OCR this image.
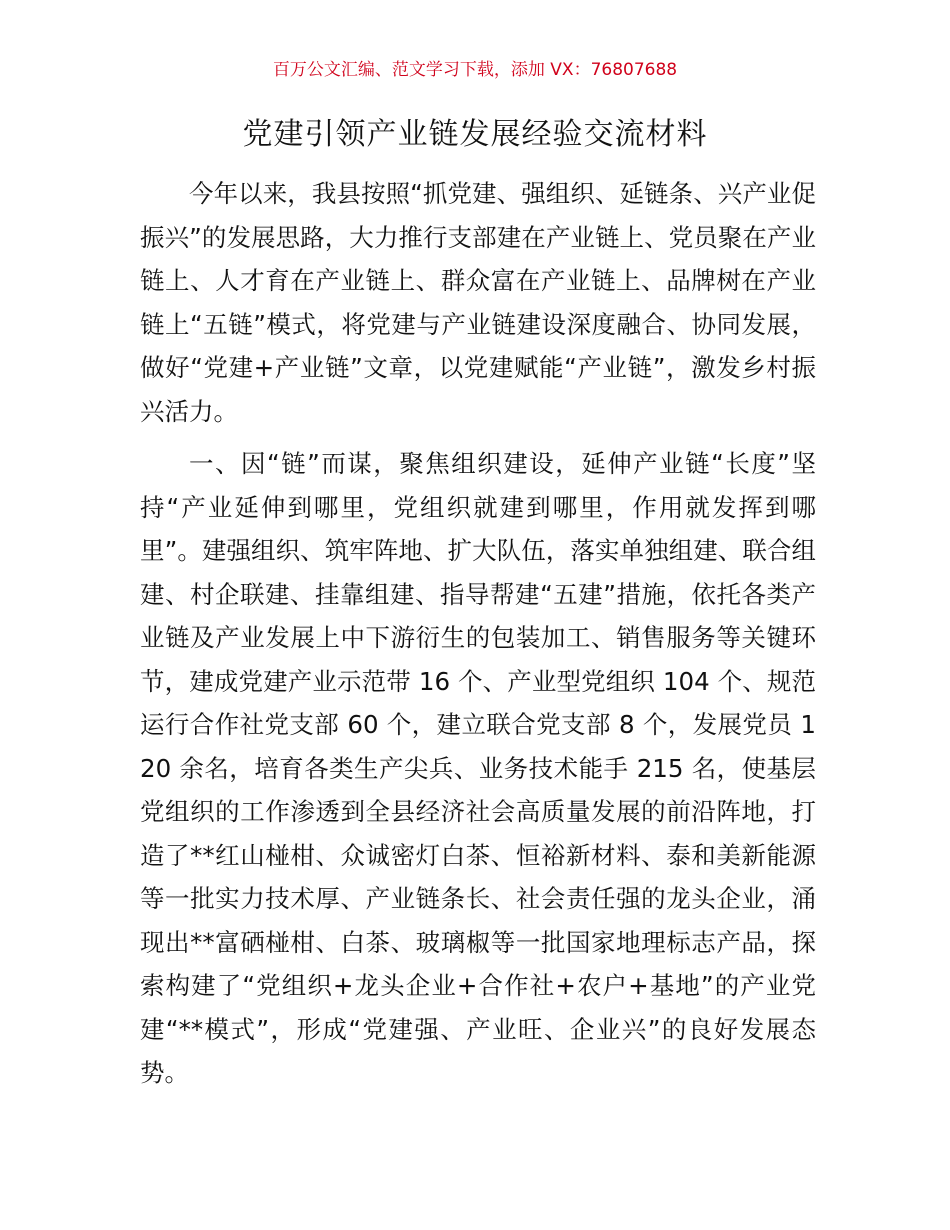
百万公文汇编、范文学习下载，添加 VX：76807688
党建引领产业链发展经验交流材料

今年以来，我县按照“抓党建、强组织、延链条、兴产业促振兴”的发展思路，大力推行支部建在产业链上、党员聚在产业链上、人才育在产业链上、群众富在产业链上、品牌树在产业链上“五链”模式，将党建与产业链建设深度融合、协同发展，做好“党建+产业链”文章，以党建赋能“产业链”，激发乡村振兴活力。

一、因“链”而谋，聚焦组织建设，延伸产业链“长度”坚持“产业延伸到哪里，党组织就建到哪里，作用就发挥到哪里”。建强组织、筑牢阵地、扩大队伍，落实单独组建、联合组建、村企联建、挂靠组建、指导帮建“五建”措施，依托各类产业链及产业发展上中下游衍生的包装加工、销售服务等关键环节，建成党建产业示范带 16 个、产业型党组织 104 个、规范运行合作社党支部 60 个，建立联合党支部 8 个，发展党员 120 余名，培育各类生产尖兵、业务技术能手 215 名，使基层党组织的工作渗透到全县经济社会高质量发展的前沿阵地，打造了**红山椪柑、众诚密灯白茶、恒裕新材料、泰和美新能源等一批实力技术厚、产业链条长、社会责任强的龙头企业，涌现出**富硒椪柑、白茶、玻璃椒等一批国家地理标志产品，探索构建了“党组织+龙头企业+合作社+农户+基地”的产业党建“**模式”，形成“党建强、产业旺、企业兴”的良好发展态势。
